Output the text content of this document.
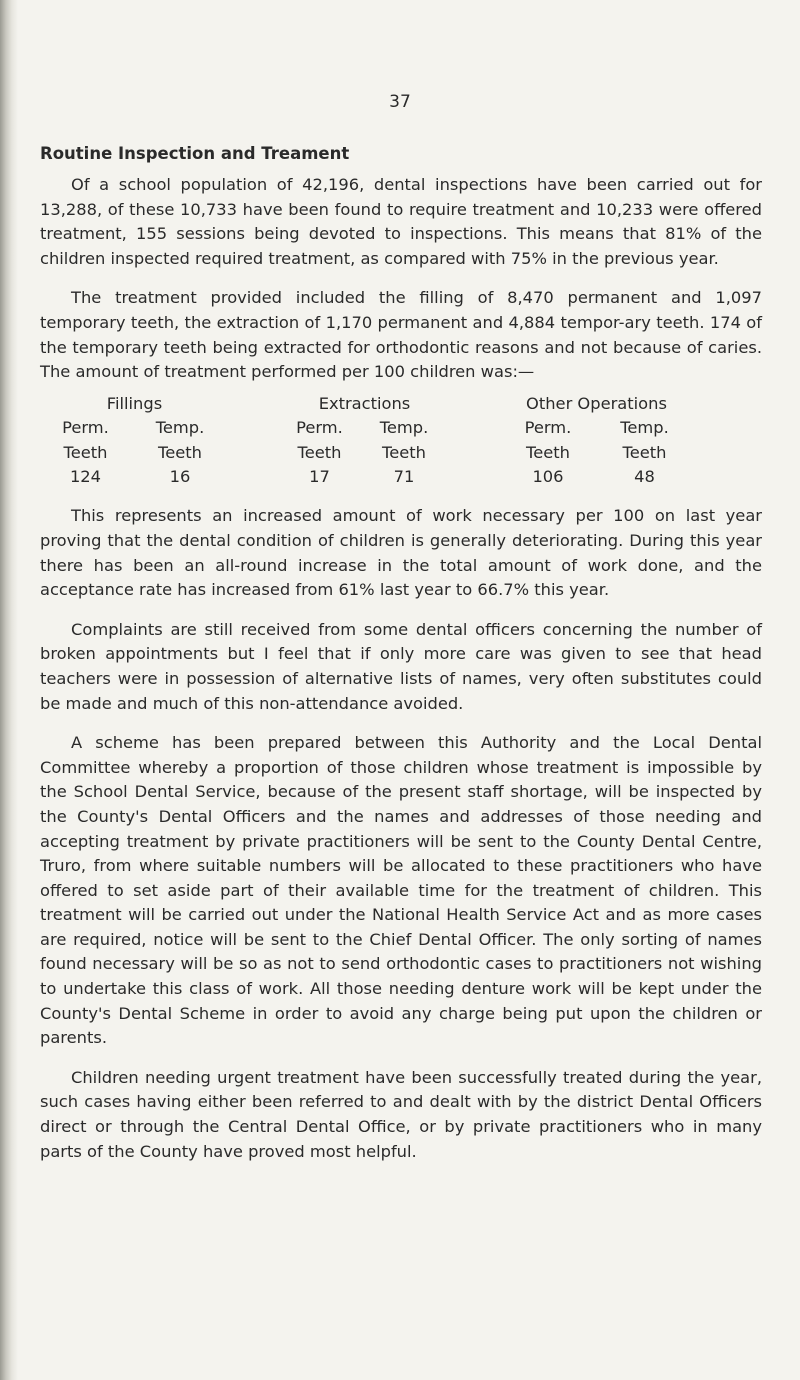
37
Routine Inspection and Treament

Of a school population of 42,196, dental inspections have been carried out for 13,288, of these 10,733 have been found to require treatment and 10,233 were offered treatment, 155 sessions being devoted to inspections. This means that 81% of the children inspected required treatment, as compared with 75% in the previous year.

The treatment provided included the filling of 8,470 permanent and 1,097 temporary teeth, the extraction of 1,170 permanent and 4,884 tempor-ary teeth. 174 of the temporary teeth being extracted for orthodontic reasons and not because of caries. The amount of treatment performed per 100 children was:—

Fillings			Extractions			Other Operations	
Perm.	Temp.		Perm.	Temp.		Perm.	Temp.
Teeth	Teeth		Teeth	Teeth		Teeth	Teeth
124	16		17	71		106	48

This represents an increased amount of work necessary per 100 on last year proving that the dental condition of children is generally deteriorating. During this year there has been an all-round increase in the total amount of work done, and the acceptance rate has increased from 61% last year to 66.7% this year.

Complaints are still received from some dental officers concerning the number of broken appointments but I feel that if only more care was given to see that head teachers were in possession of alternative lists of names, very often substitutes could be made and much of this non-attendance avoided.

A scheme has been prepared between this Authority and the Local Dental Committee whereby a proportion of those children whose treatment is impossible by the School Dental Service, because of the present staff shortage, will be inspected by the County's Dental Officers and the names and addresses of those needing and accepting treatment by private practitioners will be sent to the County Dental Centre, Truro, from where suitable numbers will be allocated to these practitioners who have offered to set aside part of their available time for the treatment of children. This treatment will be carried out under the National Health Service Act and as more cases are required, notice will be sent to the Chief Dental Officer. The only sorting of names found necessary will be so as not to send orthodontic cases to practitioners not wishing to undertake this class of work. All those needing denture work will be kept under the County's Dental Scheme in order to avoid any charge being put upon the children or parents.

Children needing urgent treatment have been successfully treated during the year, such cases having either been referred to and dealt with by the district Dental Officers direct or through the Central Dental Office, or by private practitioners who in many parts of the County have proved most helpful.
